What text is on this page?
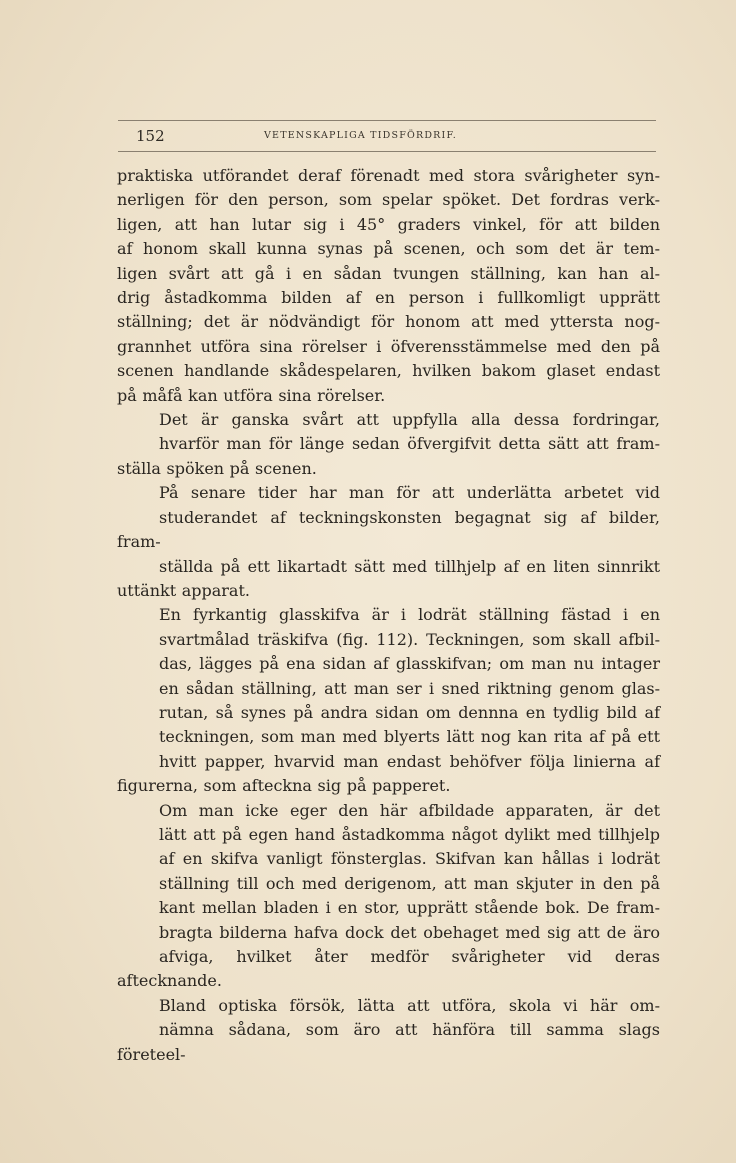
152	VETENSKAPLIGA TIDSFÖRDRIF.

praktiska utförandet deraf förenadt med stora svårigheter syn-
nerligen för den person, som spelar spöket. Det fordras verk-
ligen, att han lutar sig i 45° graders vinkel, för att bilden
af honom skall kunna synas på scenen, och som det är tem-
ligen svårt att gå i en sådan tvungen ställning, kan han al-
drig åstadkomma bilden af en person i fullkomligt upprätt
ställning; det är nödvändigt för honom att med yttersta nog-
grannhet utföra sina rörelser i öfverensstämmelse med den på
scenen handlande skådespelaren, hvilken bakom glaset endast

på måfå kan utföra sina rörelser.

Det är ganska svårt att uppfylla alla dessa fordringar,
hvarför man för länge sedan öfvergifvit detta sätt att fram-

ställa spöken på scenen.

På senare tider har man för att underlätta arbetet vid
studerandet af teckningskonsten begagnat sig af bilder, fram-
ställda på ett likartadt sätt med tillhjelp af en liten sinnrikt

uttänkt apparat.

En fyrkantig glasskifva är i lodrät ställning fästad i en
svartmålad träskifva (fig. 112). Teckningen, som skall afbil-
das, lägges på ena sidan af glasskifvan; om man nu intager
en sådan ställning, att man ser i sned riktning genom glas-
rutan, så synes på andra sidan om dennna en tydlig bild af
teckningen, som man med blyerts lätt nog kan rita af på ett
hvitt papper, hvarvid man endast behöfver följa linierna af

figurerna, som afteckna sig på papperet.

Om man icke eger den här afbildade apparaten, är det
lätt att på egen hand åstadkomma något dylikt med tillhjelp
af en skifva vanligt fönsterglas. Skifvan kan hållas i lodrät
ställning till och med derigenom, att man skjuter in den på
kant mellan bladen i en stor, upprätt stående bok. De fram-
bragta bilderna hafva dock det obehaget med sig att de äro
afviga, hvilket åter medför svårigheter vid deras aftecknande.

Bland optiska försök, lätta att utföra, skola vi här om-
nämna sådana, som äro att hänföra till samma slags företeel-
